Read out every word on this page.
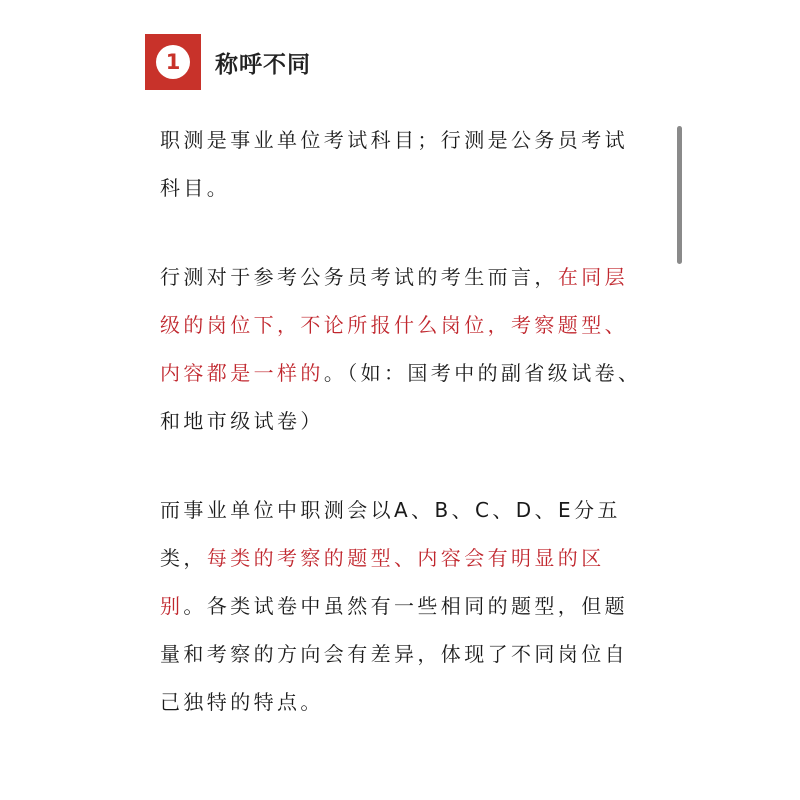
1	称呼不同

职测是事业单位考试科目；行测是公务员考试科目。

行测对于参考公务员考试的考生而言，在同层级的岗位下，不论所报什么岗位，考察题型、内容都是一样的。（如：国考中的副省级试卷、和地市级试卷）

而事业单位中职测会以A、B、C、D、E分五类，每类的考察的题型、内容会有明显的区别。各类试卷中虽然有一些相同的题型，但题量和考察的方向会有差异，体现了不同岗位自己独特的特点。
